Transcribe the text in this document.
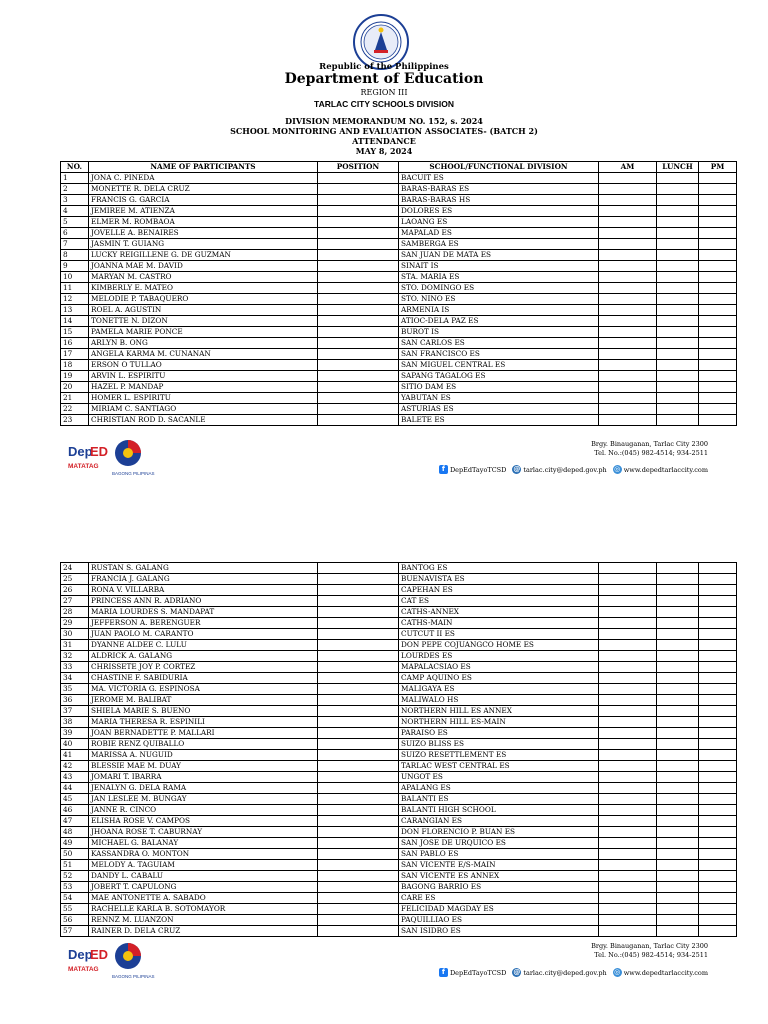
Republic of the Philippines
Department of Education
REGION III
TARLAC CITY SCHOOLS DIVISION
DIVISION MEMORANDUM NO. 152, s. 2024
SCHOOL MONITORING AND EVALUATION ASSOCIATES- (BATCH 2)
ATTENDANCE
MAY 8, 2024
NO.	NAME OF PARTICIPANTS	POSITION	SCHOOL/FUNCTIONAL DIVISION	AM	LUNCH	PM
1	JONA C. PINEDA		BACUIT ES			
2	MONETTE R. DELA CRUZ		BARAS-BARAS ES			
3	FRANCIS G. GARCIA		BARAS-BARAS HS			
4	JEMIREE M. ATIENZA		DOLORES ES			
5	ELMER M. ROMBAOA		LAOANG ES			
6	JOVELLE A. BENAIRES		MAPALAD ES			
7	JASMIN T. GUIANG		SAMBERGA ES			
8	LUCKY REIGILLENE G. DE GUZMAN		SAN JUAN DE MATA ES			
9	JOANNA MAE M. DAVID		SINAIT IS			
10	MARYAN M. CASTRO		STA. MARIA ES			
11	KIMBERLY E. MATEO		STO. DOMINGO ES			
12	MELODIE P. TABAQUERO		STO. NINO ES			
13	ROEL A. AGUSTIN		ARMENIA IS			
14	TONETTE N. DIZON		ATIOC-DELA PAZ ES			
15	PAMELA MARIE PONCE		BUROT IS			
16	ARLYN B. ONG		SAN CARLOS ES			
17	ANGELA KARMA M. CUNANAN		SAN FRANCISCO ES			
18	ERSON O TULLAO		SAN MIGUEL CENTRAL ES			
19	ARVIN L. ESPIRITU		SAPANG TAGALOG ES			
20	HAZEL P. MANDAP		SITIO DAM ES			
21	HOMER L. ESPIRITU		YABUTAN ES			
22	MIRIAM C. SANTIAGO		ASTURIAS ES			
23	CHRISTIAN ROD D. SACANLE		BALETE ES			
Dep
ED
MATATAG
BAGONG PILIPINAS
Brgy. Binauganan, Tarlac City 2300
Tel. No.:(045) 982-4514; 934-2511
f DepEdTayoTCSD @ tarlac.city@deped.gov.ph ◎ www.depedtarlaccity.com
24	RUSTAN S. GALANG		BANTOG ES			
25	FRANCIA J. GALANG		BUENAVISTA ES			
26	RONA V. VILLARBA		CAPEHAN ES			
27	PRINCESS ANN R. ADRIANO		CAT ES			
28	MARIA LOURDES S. MANDAPAT		CATHS-ANNEX			
29	JEFFERSON A. BERENGUER		CATHS-MAIN			
30	JUAN PAOLO M. CARANTO		CUTCUT II ES			
31	DYANNE ALDEE C. LULU		DON PEPE COJUANGCO HOME ES			
32	ALDRICK A. GALANG		LOURDES ES			
33	CHRISSETE JOY P. CORTEZ		MAPALACSIAO ES			
34	CHASTINE F. SABIDURIA		CAMP AQUINO ES			
35	MA. VICTORIA G. ESPINOSA		MALIGAYA ES			
36	JEROME M. BALIBAT		MALIWALO HS			
37	SHIELA MARIE S. BUENO		NORTHERN HILL ES ANNEX			
38	MARIA THERESA R. ESPINILI		NORTHERN HILL ES-MAIN			
39	JOAN BERNADETTE P. MALLARI		PARAISO ES			
40	ROBIE RENZ QUIBALLO		SUIZO BLISS ES			
41	MARISSA A. NUGUID		SUIZO RESETTLEMENT ES			
42	BLESSIE MAE M. DUAY		TARLAC WEST CENTRAL ES			
43	JOMARI T. IBARRA		UNGOT ES			
44	JENALYN G. DELA RAMA		APALANG ES			
45	JAN LESLEE M. BUNGAY		BALANTI ES			
46	JANNE R. CINCO		BALANTI HIGH SCHOOL			
47	ELISHA ROSE V. CAMPOS		CARANGIAN ES			
48	JHOANA ROSE T. CABURNAY		DON FLORENCIO P. BUAN ES			
49	MICHAEL G. BALANAY		SAN JOSE DE URQUICO ES			
50	KASSANDRA O. MONTON		SAN PABLO ES			
51	MELODY A. TAGUIAM		SAN VICENTE E/S-MAIN			
52	DANDY L. CABALU		SAN VICENTE ES ANNEX			
53	JOBERT T. CAPULONG		BAGONG BARRIO ES			
54	MAE ANTONETTE A. SABADO		CARE ES			
55	RACHELLE KARLA B. SOTOMAYOR		FELICIDAD MAGDAY ES			
56	RENNZ M. LUANZON		PAQUILLIAO ES			
57	RAINER D. DELA CRUZ		SAN ISIDRO ES			
Dep
ED
MATATAG
BAGONG PILIPINAS
Brgy. Binauganan, Tarlac City 2300
Tel. No.:(045) 982-4514; 934-2511
f DepEdTayoTCSD @ tarlac.city@deped.gov.ph ◎ www.depedtarlaccity.com
